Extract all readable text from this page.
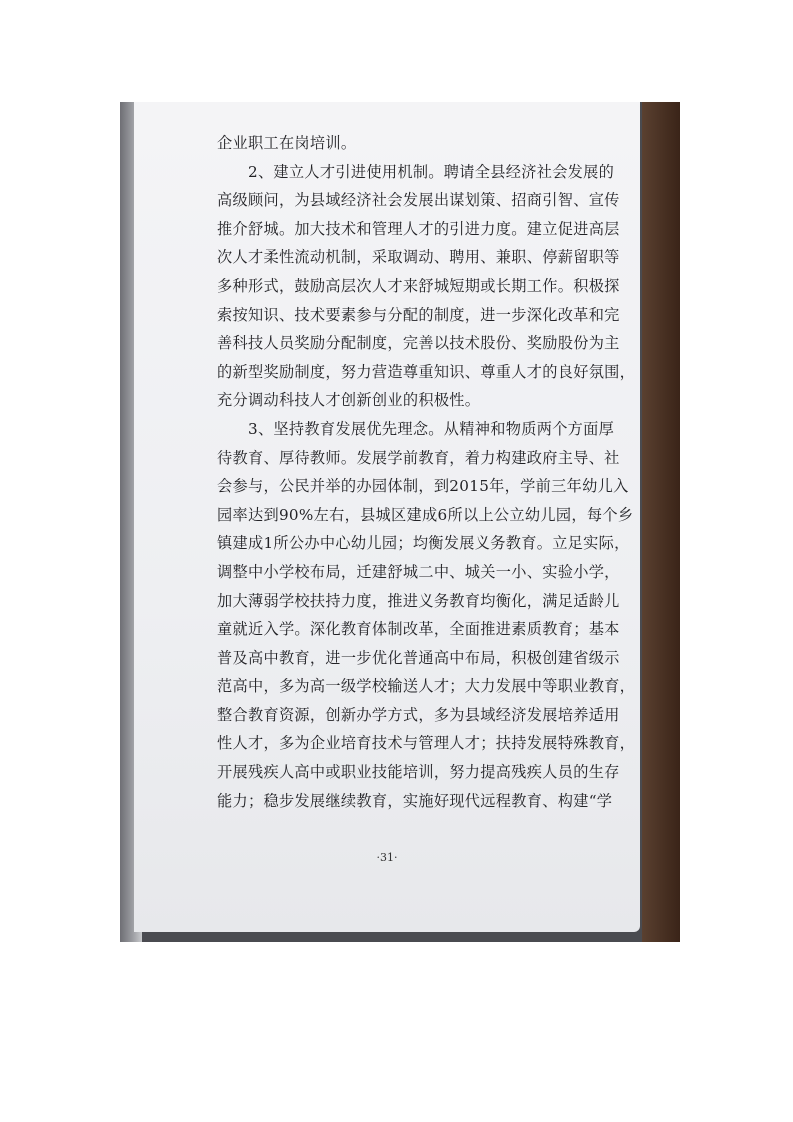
企业职工在岗培训。
　　2、建立人才引进使用机制。聘请全县经济社会发展的
高级顾问，为县域经济社会发展出谋划策、招商引智、宣传
推介舒城。加大技术和管理人才的引进力度。建立促进高层
次人才柔性流动机制，采取调动、聘用、兼职、停薪留职等
多种形式，鼓励高层次人才来舒城短期或长期工作。积极探
索按知识、技术要素参与分配的制度，进一步深化改革和完
善科技人员奖励分配制度，完善以技术股份、奖励股份为主
的新型奖励制度，努力营造尊重知识、尊重人才的良好氛围，
充分调动科技人才创新创业的积极性。
　　3、坚持教育发展优先理念。从精神和物质两个方面厚
待教育、厚待教师。发展学前教育，着力构建政府主导、社
会参与，公民并举的办园体制，到2015年，学前三年幼儿入
园率达到90%左右，县城区建成6所以上公立幼儿园，每个乡
镇建成1所公办中心幼儿园；均衡发展义务教育。立足实际，
调整中小学校布局，迁建舒城二中、城关一小、实验小学，
加大薄弱学校扶持力度，推进义务教育均衡化，满足适龄儿
童就近入学。深化教育体制改革，全面推进素质教育；基本
普及高中教育，进一步优化普通高中布局，积极创建省级示
范高中，多为高一级学校输送人才；大力发展中等职业教育，
整合教育资源，创新办学方式，多为县域经济发展培养适用
性人才，多为企业培育技术与管理人才；扶持发展特殊教育，
开展残疾人高中或职业技能培训，努力提高残疾人员的生存
能力；稳步发展继续教育，实施好现代远程教育、构建“学
·31·
